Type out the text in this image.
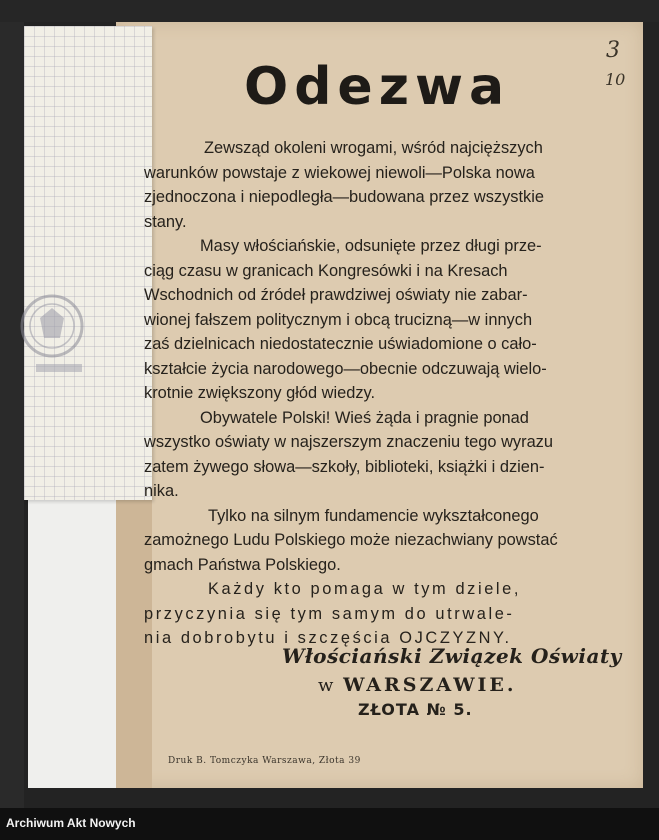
3
10
Odezwa
Zewsząd okoleni wrogami, wśród najcięższych
warunków powstaje z wiekowej niewoli—Polska nowa
zjednoczona i niepodległa—budowana przez wszystkie
stany.
Masy włościańskie, odsunięte przez długi prze-
ciąg czasu w granicach Kongresówki i na Kresach
Wschodnich od źródeł prawdziwej oświaty nie zabar-
wionej fałszem politycznym i obcą trucizną—w innych
zaś dzielnicach niedostatecznie uświadomione o cało-
kształcie życia narodowego—obecnie odczuwają wielo-
krotnie zwiększony głód wiedzy.
Obywatele Polski! Wieś żąda i pragnie ponad
wszystko oświaty w najszerszym znaczeniu tego wyrazu
zatem żywego słowa—szkoły, biblioteki, książki i dzien-
nika.
Tylko na silnym fundamencie wykształconego
zamożnego Ludu Polskiego może niezachwiany powstać
gmach Państwa Polskiego.
Każdy kto pomaga w tym dziele,
przyczynia się tym samym do utrwale-
nia dobrobytu i szczęścia OJCZYZNY.
Włościański Związek Oświaty
w WARSZAWIE.
ZŁOTA № 5.
Druk B. Tomczyka Warszawa, Złota 39
Archiwum Akt Nowych
